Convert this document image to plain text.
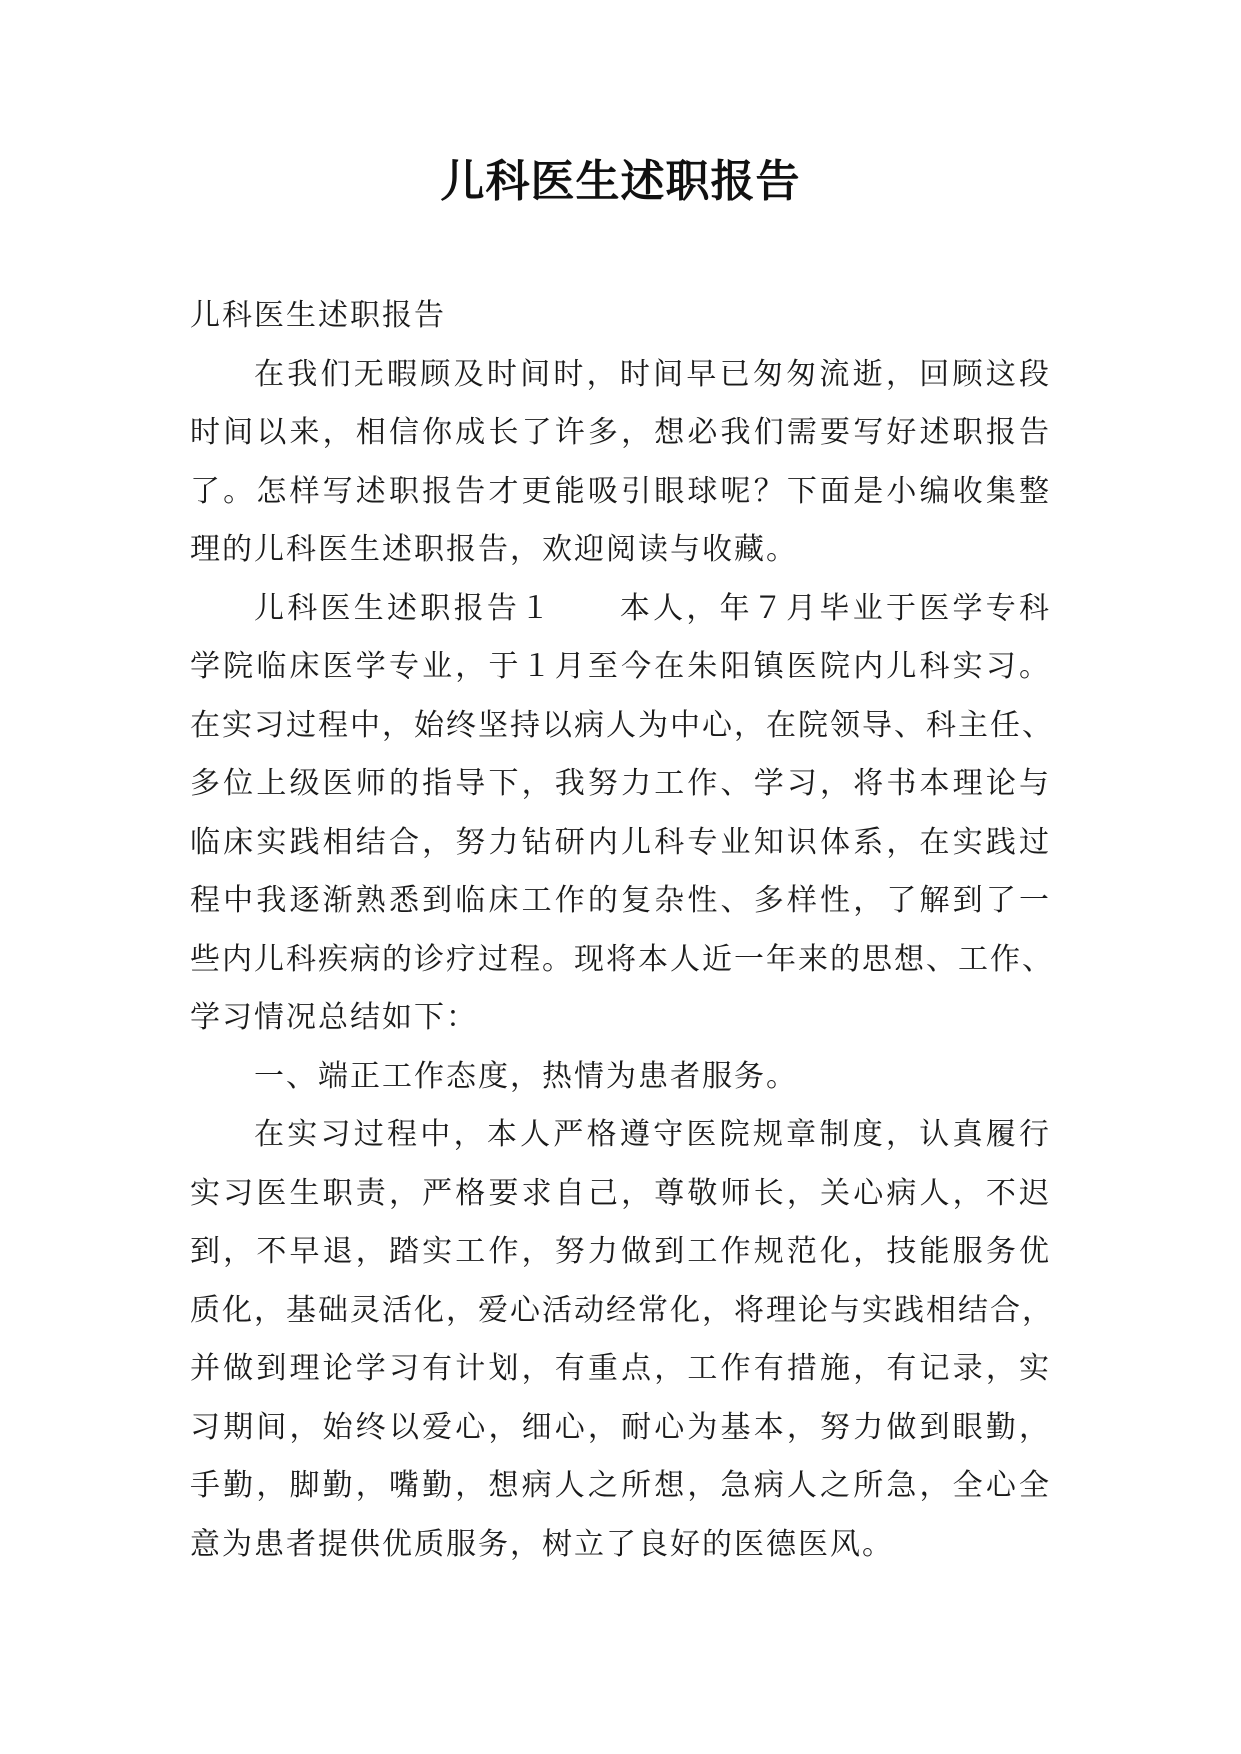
儿科医生述职报告
儿科医生述职报告
在我们无暇顾及时间时，时间早已匆匆流逝，回顾这段
时间以来，相信你成长了许多，想必我们需要写好述职报告
了。怎样写述职报告才更能吸引眼球呢？下面是小编收集整
理的儿科医生述职报告，欢迎阅读与收藏。
儿科医生述职报告１　　本人，年７月毕业于医学专科
学院临床医学专业，于１月至今在朱阳镇医院内儿科实习。
在实习过程中，始终坚持以病人为中心，在院领导、科主任、
多位上级医师的指导下，我努力工作、学习，将书本理论与
临床实践相结合，努力钻研内儿科专业知识体系，在实践过
程中我逐渐熟悉到临床工作的复杂性、多样性，了解到了一
些内儿科疾病的诊疗过程。现将本人近一年来的思想、工作、
学习情况总结如下：
一、端正工作态度，热情为患者服务。
在实习过程中，本人严格遵守医院规章制度，认真履行
实习医生职责，严格要求自己，尊敬师长，关心病人，不迟
到，不早退，踏实工作，努力做到工作规范化，技能服务优
质化，基础灵活化，爱心活动经常化，将理论与实践相结合，
并做到理论学习有计划，有重点，工作有措施，有记录，实
习期间，始终以爱心，细心，耐心为基本，努力做到眼勤，
手勤，脚勤，嘴勤，想病人之所想，急病人之所急，全心全
意为患者提供优质服务，树立了良好的医德医风。
